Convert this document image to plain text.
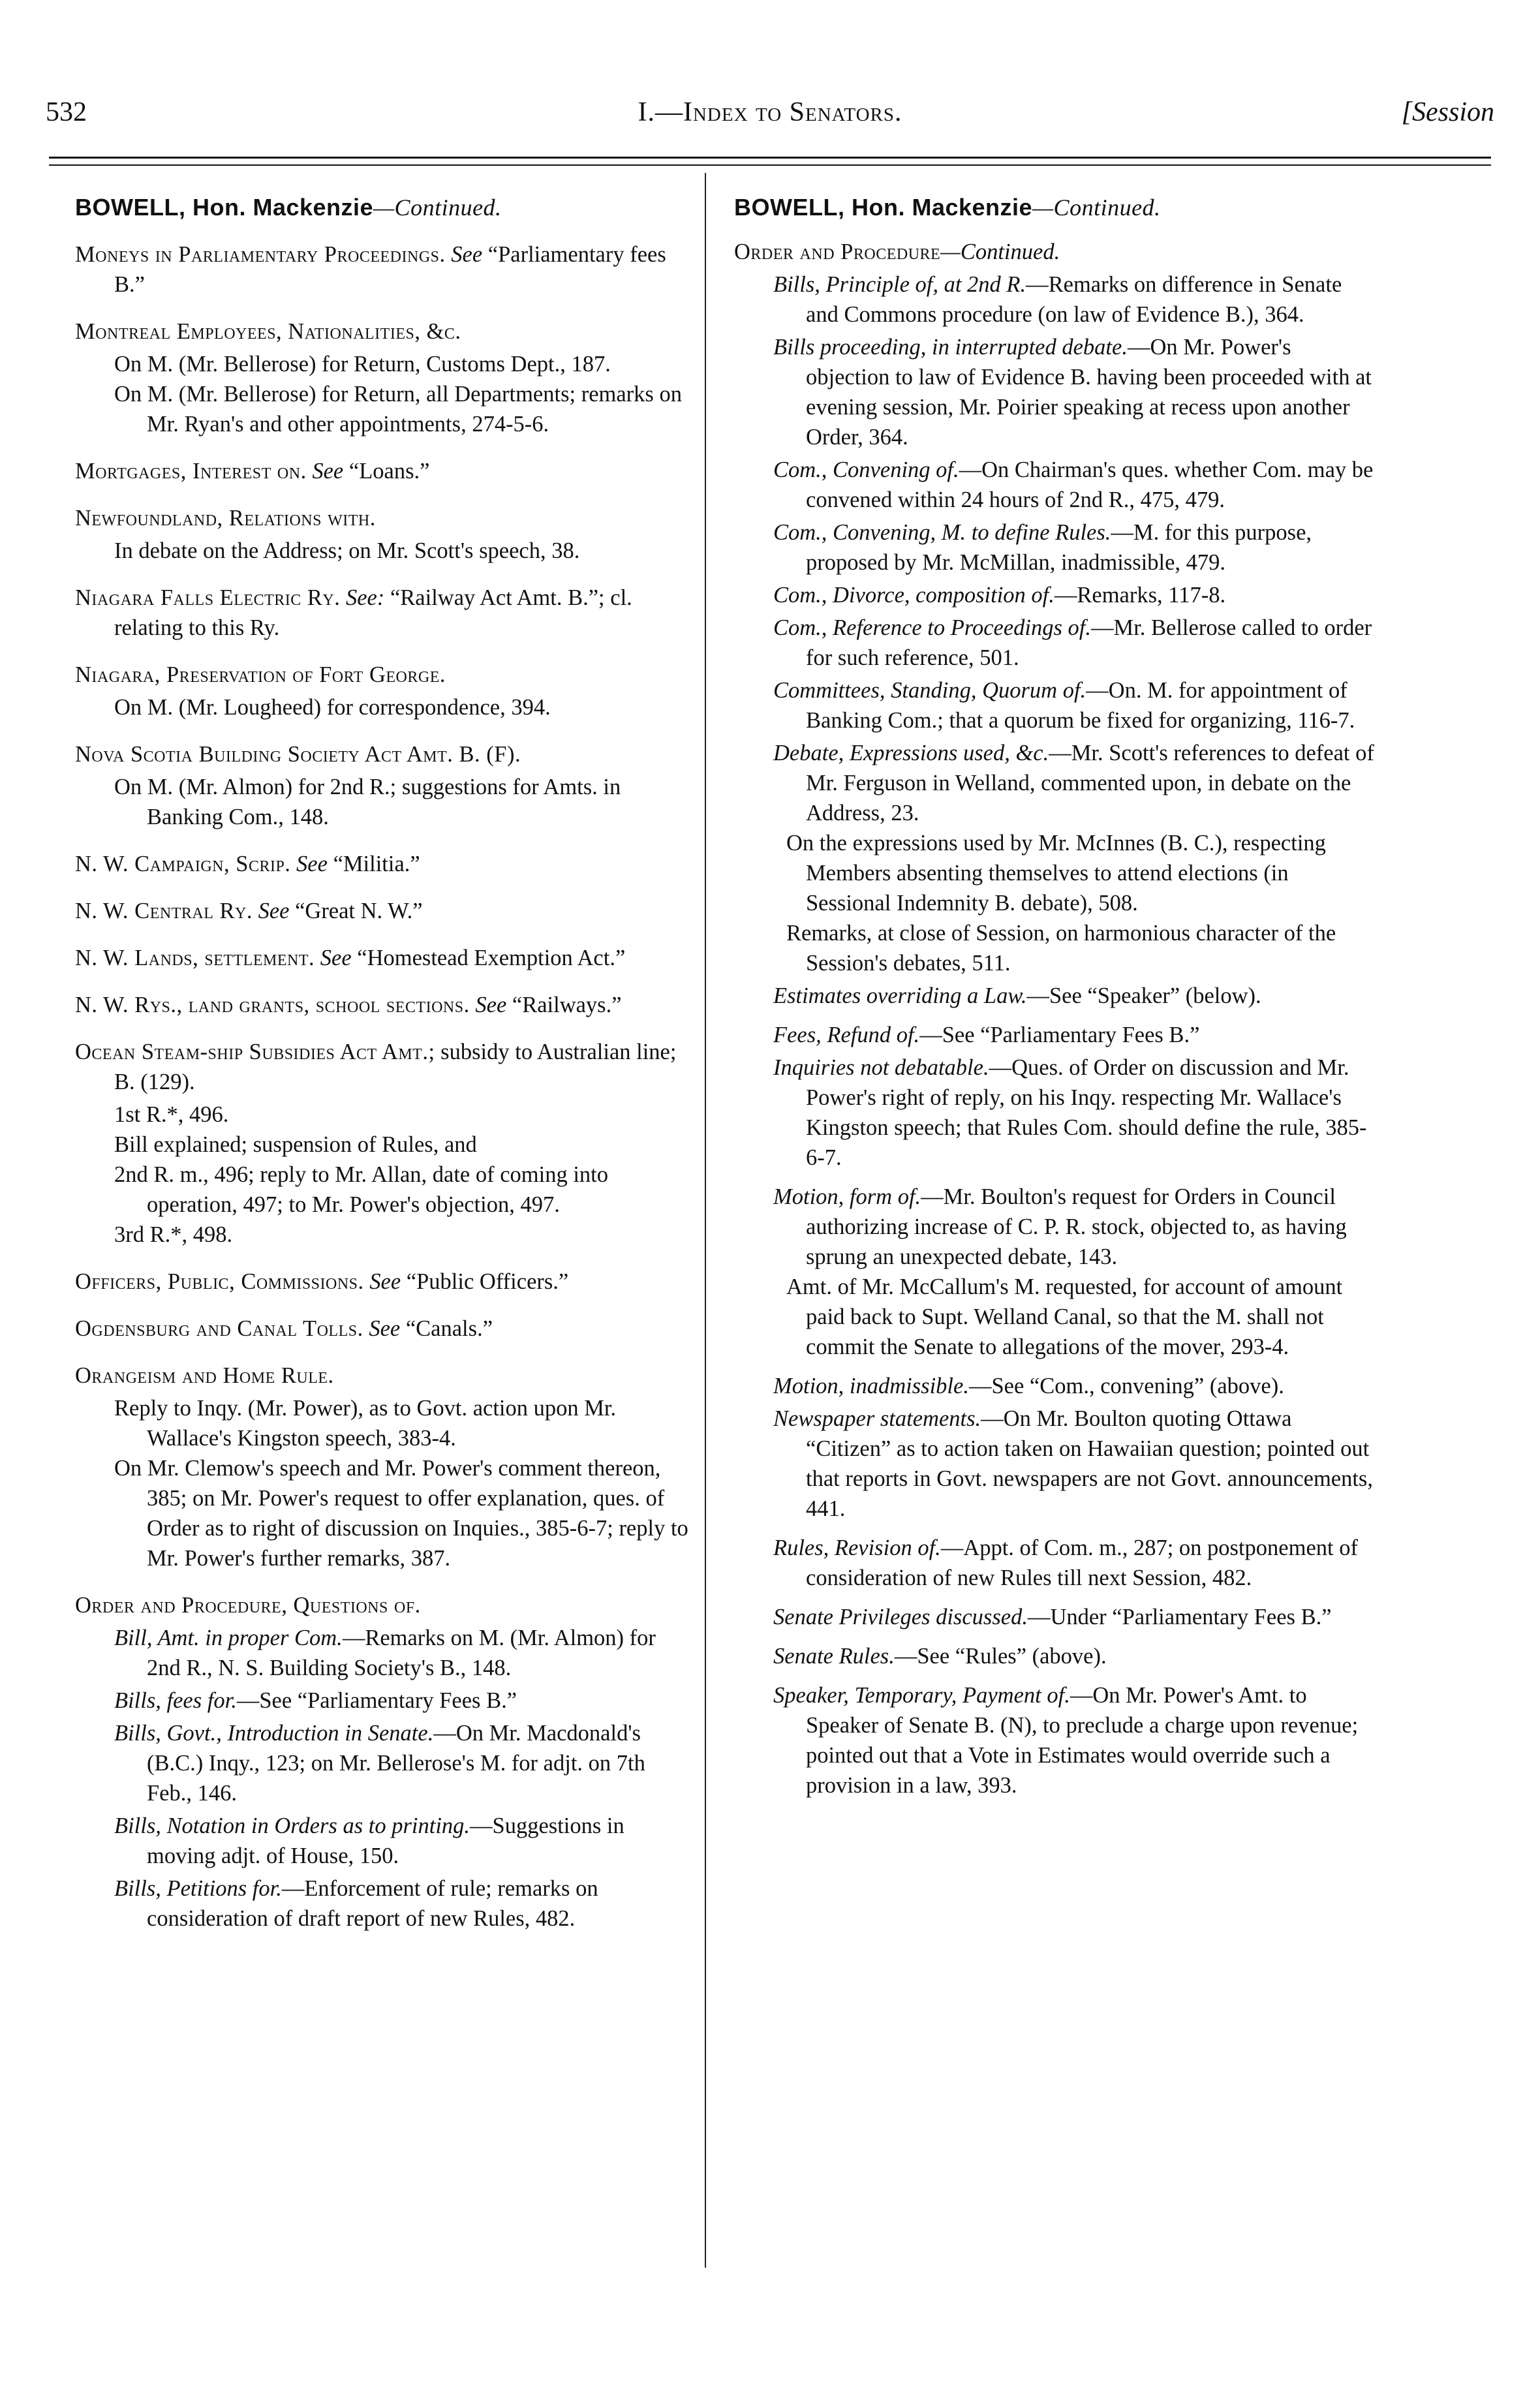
532	I.—Index to Senators.	[Session
BOWELL, Hon. Mackenzie—Continued.
Moneys in Parliamentary Proceedings. See “Parliamentary fees B.”
Montreal Employees, Nationalities, &c.
On M. (Mr. Bellerose) for Return, Customs Dept., 187.
On M. (Mr. Bellerose) for Return, all Departments; remarks on Mr. Ryan's and other appointments, 274-5-6.
Mortgages, Interest on. See “Loans.”
Newfoundland, Relations with.
In debate on the Address; on Mr. Scott's speech, 38.
Niagara Falls Electric Ry. See: “Railway Act Amt. B.”; cl. relating to this Ry.
Niagara, Preservation of Fort George.
On M. (Mr. Lougheed) for correspondence, 394.
Nova Scotia Building Society Act Amt. B. (F).
On M. (Mr. Almon) for 2nd R.; suggestions for Amts. in Banking Com., 148.
N. W. Campaign, Scrip. See “Militia.”
N. W. Central Ry. See “Great N. W.”
N. W. Lands, settlement. See “Homestead Exemption Act.”
N. W. Rys., land grants, school sections. See “Railways.”
Ocean Steam-ship Subsidies Act Amt.; subsidy to Australian line; B. (129).
1st R.*, 496.
Bill explained; suspension of Rules, and
2nd R. m., 496; reply to Mr. Allan, date of coming into operation, 497; to Mr. Power's objection, 497.
3rd R.*, 498.
Officers, Public, Commissions. See “Public Officers.”
Ogdensburg and Canal Tolls. See “Canals.”
Orangeism and Home Rule.
Reply to Inqy. (Mr. Power), as to Govt. action upon Mr. Wallace's Kingston speech, 383-4.
On Mr. Clemow's speech and Mr. Power's comment thereon, 385; on Mr. Power's request to offer explanation, ques. of Order as to right of discussion on Inquies., 385-6-7; reply to Mr. Power's further remarks, 387.
Order and Procedure, Questions of.
Bill, Amt. in proper Com.—Remarks on M. (Mr. Almon) for 2nd R., N. S. Building Society's B., 148.
Bills, fees for.—See “Parliamentary Fees B.”
Bills, Govt., Introduction in Senate.—On Mr. Macdonald's (B.C.) Inqy., 123; on Mr. Bellerose's M. for adjt. on 7th Feb., 146.
Bills, Notation in Orders as to printing.—Suggestions in moving adjt. of House, 150.
Bills, Petitions for.—Enforcement of rule; remarks on consideration of draft report of new Rules, 482.
BOWELL, Hon. Mackenzie—Continued.
Order and Procedure—Continued.
Bills, Principle of, at 2nd R.—Remarks on difference in Senate and Commons procedure (on law of Evidence B.), 364.
Bills proceeding, in interrupted debate.—On Mr. Power's objection to law of Evidence B. having been proceeded with at evening session, Mr. Poirier speaking at recess upon another Order, 364.
Com., Convening of.—On Chairman's ques. whether Com. may be convened within 24 hours of 2nd R., 475, 479.
Com., Convening, M. to define Rules.—M. for this purpose, proposed by Mr. McMillan, inadmissible, 479.
Com., Divorce, composition of.—Remarks, 117-8.
Com., Reference to Proceedings of.—Mr. Bellerose called to order for such reference, 501.
Committees, Standing, Quorum of.—On. M. for appointment of Banking Com.; that a quorum be fixed for organizing, 116-7.
Debate, Expressions used, &c.—Mr. Scott's references to defeat of Mr. Ferguson in Welland, commented upon, in debate on the Address, 23.
On the expressions used by Mr. McInnes (B. C.), respecting Members absenting themselves to attend elections (in Sessional Indemnity B. debate), 508.
Remarks, at close of Session, on harmonious character of the Session's debates, 511.
Estimates overriding a Law.—See “Speaker” (below).
Fees, Refund of.—See “Parliamentary Fees B.”
Inquiries not debatable.—Ques. of Order on discussion and Mr. Power's right of reply, on his Inqy. respecting Mr. Wallace's Kingston speech; that Rules Com. should define the rule, 385-6-7.
Motion, form of.—Mr. Boulton's request for Orders in Council authorizing increase of C. P. R. stock, objected to, as having sprung an unexpected debate, 143.
Amt. of Mr. McCallum's M. requested, for account of amount paid back to Supt. Welland Canal, so that the M. shall not commit the Senate to allegations of the mover, 293-4.
Motion, inadmissible.—See “Com., convening” (above).
Newspaper statements.—On Mr. Boulton quoting Ottawa “Citizen” as to action taken on Hawaiian question; pointed out that reports in Govt. newspapers are not Govt. announcements, 441.
Rules, Revision of.—Appt. of Com. m., 287; on postponement of consideration of new Rules till next Session, 482.
Senate Privileges discussed.—Under “Parliamentary Fees B.”
Senate Rules.—See “Rules” (above).
Speaker, Temporary, Payment of.—On Mr. Power's Amt. to Speaker of Senate B. (N), to preclude a charge upon revenue; pointed out that a Vote in Estimates would override such a provision in a law, 393.
